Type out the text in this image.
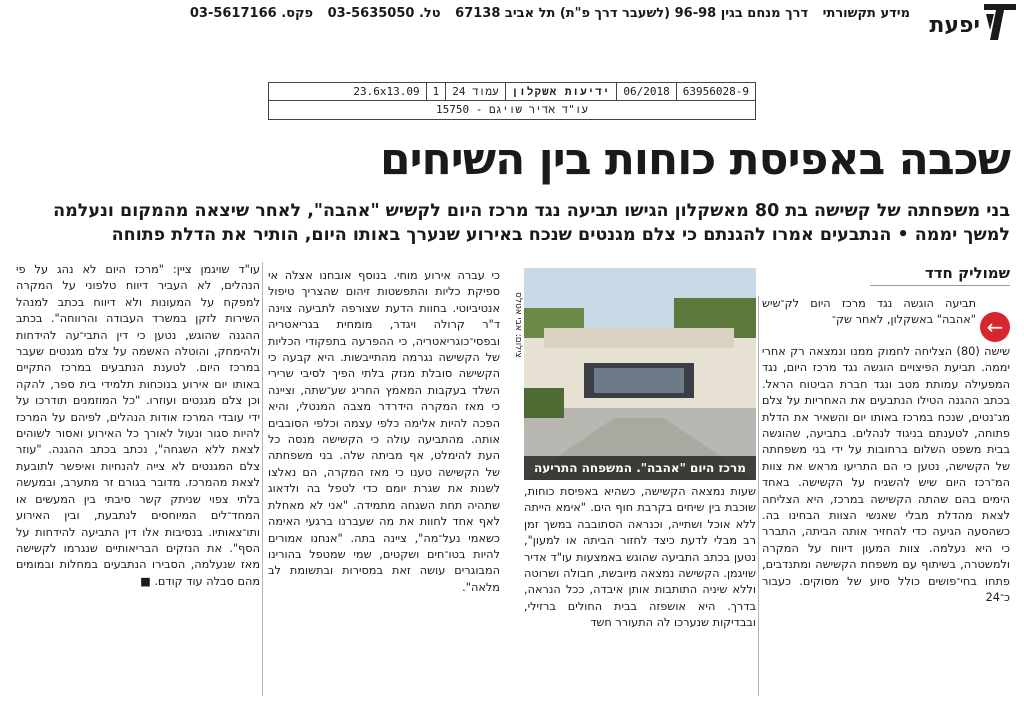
מידע תקשורתי דרך מנחם בגין 96-98 (לשעבר דרך פ"ת) תל אביב 67138 טל. 03-5635050 פקס. 03-5617166	יפעת
63956028-9
06/2018
ידיעות אשקלון
עמוד 24
1
23.6x13.09
עו"ד אדיר שויגם - 15750
שכבה באפיסת כוחות בין השיחים
בני משפחתה של קשישה בת 80 מאשקלון הגישו תביעה נגד מרכז היום לקשיש "אהבה", לאחר שיצאה מהמקום ונעלמה למשך יממה • הנתבעים אמרו להגנתם כי צלם מגנטים שנכח באירוע שנערך באותו היום, הותיר את הדלת פתוחה
שמוליק חדד
←
תביעה הוגשה נגד מרכז היום לק־שיש "אהבה" באשקלון, לאחר שק־
שישה (80) הצליחה לחמוק ממנו ונמצאה רק אחרי יממה. תביעת הפיצויים הוגשה נגד מרכז היום, נגד המפעילה עמותת מטב ונגד חברת הביטוח הראל. בכתב ההגנה הטילו הנתבעים את האחריות על צלם מג־נטים, שנכח במרכז באותו יום והשאיר את הדלת פתוחה, לטענתם בניגוד לנהלים. בתביעה, שהוגשה בבית משפט השלום ברחובות על ידי בני משפחתה של הקשישה, נטען כי הם התריעו מראש את צוות המ־רכז היום שיש להשגיח על הקשישה. באחד הימים בהם שהתה הקשישה במרכז, היא הצליחה לצאת מהדלת מבלי שאנשי הצוות הבחינו בה. כשהסעה הגיעה כדי להחזיר אותה הביתה, התברר כי היא נעלמה. צוות המעון דיווח על המקרה ולמשטרה, בשיתוף עם משפחת הקשישה ומתנדבים, פתחו בחי־פושים כולל סיוע של מסוקים. כעבור כ־24
צילום: אבי אטלס
מרכז היום "אהבה". המשפחה התריעה
שעות נמצאה הקשישה, כשהיא באפיסת כוחות, שוכבת בין שיחים בקרבת חוף הים. "אימא הייתה ללא אוכל ושתייה, וכנראה הסתובבה במשך זמן רב מבלי לדעת כיצד לחזור הביתה או למעון", נטען בכתב התביעה שהוגש באמצעות עו"ד אדיר שויגמן. הקשישה נמצאה מיובשת, חבולה ושרוטה וללא שיניה התותבות אותן איבדה, ככל הנראה, בדרך. היא אושפזה בבית החולים ברזילי, ובבדיקות שנערכו לה התעורר חשד
כי עברה אירוע מוחי. בנוסף אובחנו אצלה אי ספיקת כליות והתפשטות זיהום שהצריך טיפול אנטיביוטי. בחוות הדעת שצורפה לתביעה צוינה ד"ר קרולה ויגדר, מומחית בגריאטריה ובפסי־כוגריאטריה, כי ההפרעה בתפקודי הכליות של הקשישה נגרמה מהתייבשות. היא קבעה כי הקשישה סובלת מנזק בלתי הפיך לסיבי שרירי השלד בעקבות המאמץ החריג שע־שתה, וציינה כי מאז המקרה הידרדר מצבה המנטלי, והיא הפכה להיות אלימה כלפי עצמה וכלפי הסובבים אותה. מהתביעה עולה כי הקשישה מנסה כל העת להימלט, אף מביתה שלה. בני משפחתה של הקשישה טענו כי מאז המקרה, הם נאלצו לשנות את שגרת יומם כדי לטפל בה ולדאוג שתהיה תחת השגחה מתמידה. "אני לא מאחלת לאף אחד לחוות את מה שעברנו ברגעי האימה כשאמי נעל־מה", ציינה בתה. "אנחנו אמורים להיות בטו־חים ושקטים, שמי שמטפל בהורינו המבוגרים עושה זאת במסירות ובתשומת לב מלאה".
עו"ד שויגמן ציין: "מרכז היום לא נהג על פי הנהלים, לא העביר דיווח טלפוני על המקרה למפקח על המעונות ולא דיווח בכתב למנהל השירות לזקן במשרד העבודה והרווחה". בכתב ההגנה שהוגש, נטען כי דין התבי־עה להידחות ולהימחק, והוטלה האשמה על צלם מגנטים שעבר במרכז היום. לטענת הנתבעים במרכז התקיים באותו יום אירוע בנוכחות תלמידי בית ספר, להקה וכן צלם מגנטים ועוזרו. "כל המוזמנים תודרכו על ידי עובדי המרכז אודות הנהלים, לפיהם על המרכז להיות סגור ונעול לאורך כל האירוע ואסור לשוהים לצאת ללא השגחה", נכתב בכתב ההגנה. "עוזר צלם המגנטים לא צייה להנחיות ואיפשר לתובעת לצאת מהמרכז. מדובר בגורם זר מתערב, ובמעשה בלתי צפוי שניתק קשר סיבתי בין המעשים או המחד־לים המיוחסים לנתבעת, ובין האירוע ותו־צאותיו. בנסיבות אלו דין התביעה להידחות על הסף". את הנזקים הבריאותיים שנגרמו לקשישה מאז שנעלמה, הסבירו הנתבעים במחלות ובמומים מהם סבלה עוד קודם. ■
